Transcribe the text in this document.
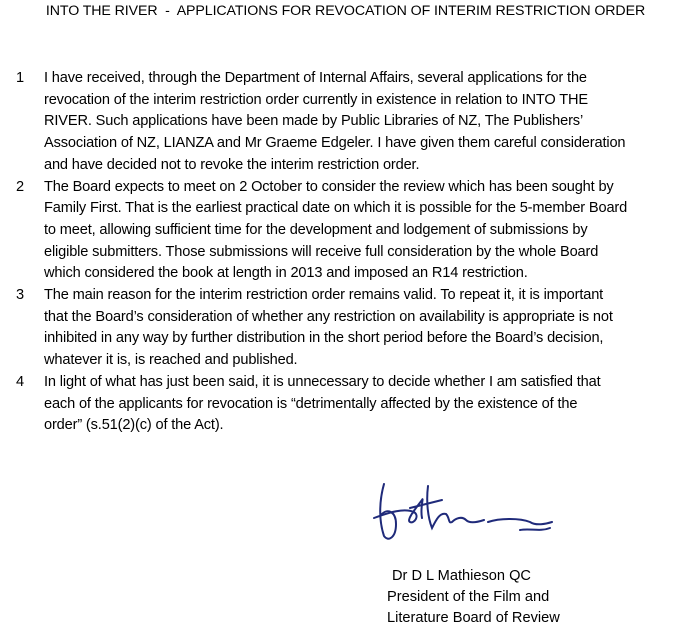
INTO THE RIVER  -  APPLICATIONS FOR REVOCATION OF INTERIM RESTRICTION ORDER
1 I have received, through the Department of Internal Affairs, several applications for the
revocation of the interim restriction order currently in existence in relation to INTO THE
RIVER. Such applications have been made by Public Libraries of NZ, The Publishers’
Association of NZ, LIANZA and Mr Graeme Edgeler. I have given them careful consideration
and have decided not to revoke the interim restriction order.
2 The Board expects to meet on 2 October to consider the review which has been sought by
Family First. That is the earliest practical date on which it is possible for the 5-member Board
to meet, allowing sufficient time for the development and lodgement of submissions by
eligible submitters. Those submissions will receive full consideration by the whole Board
which considered the book at length in 2013 and imposed an R14 restriction.
3 The main reason for the interim restriction order remains valid. To repeat it, it is important
that the Board’s consideration of whether any restriction on availability is appropriate is not
inhibited in any way by further distribution in the short period before the Board’s decision,
whatever it is, is reached and published.
4 In light of what has just been said, it is unnecessary to decide whether I am satisfied that
each of the applicants for revocation is “detrimentally affected by the existence of the
order” (s.51(2)(c) of the Act).
Dr D L Mathieson QC
President of the Film and
Literature Board of Review
